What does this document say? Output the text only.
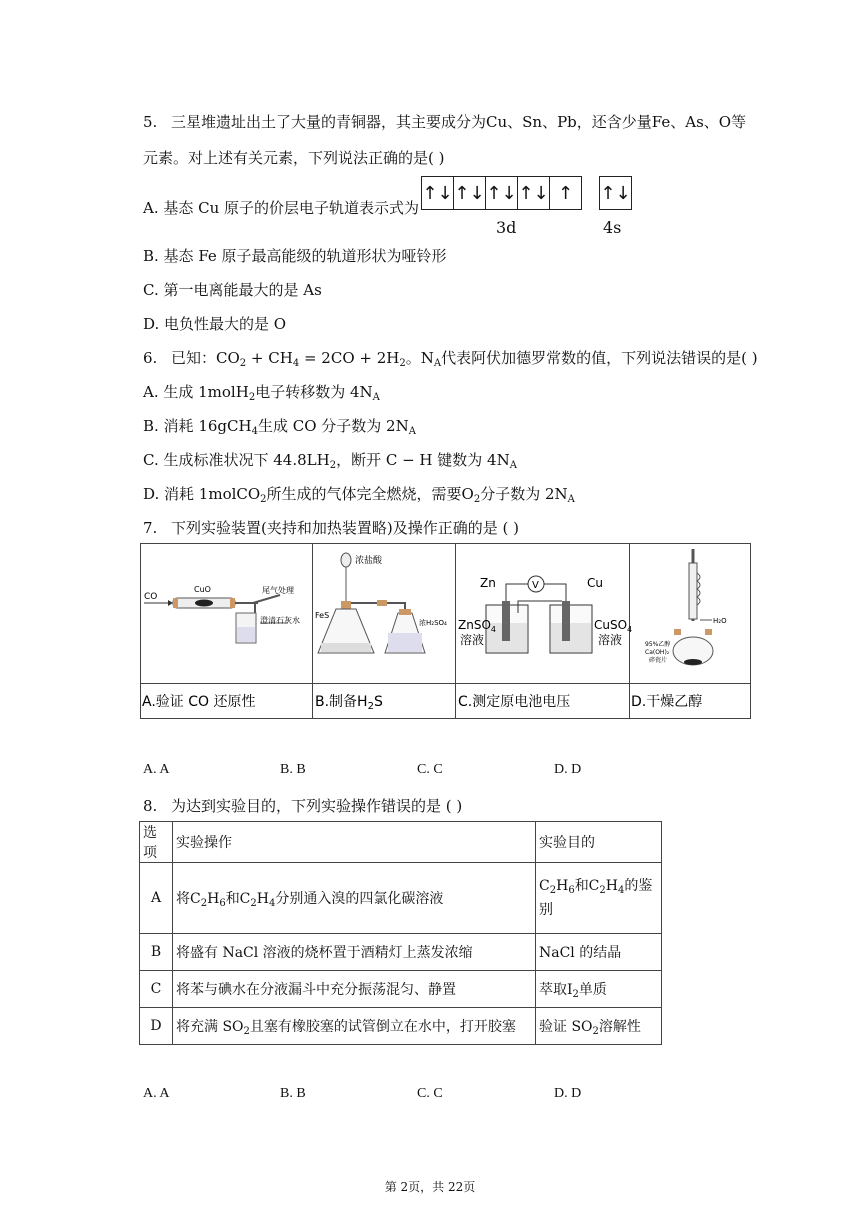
5. 三星堆遗址出土了大量的青铜器，其主要成分为Cu、Sn、Pb，还含少量Fe、As、O等
元素。对上述有关元素，下列说法正确的是( )
A. 基态 Cu 原子的价层电子轨道表示式为
↑↓ ↑↓ ↑↓ ↑↓ ↑	↑↓
3d	4s
B. 基态 Fe 原子最高能级的轨道形状为哑铃形
C. 第一电离能最大的是 As
D. 电负性最大的是 O
6. 已知：$CO_2 + CH_4 = 2CO + 2H_2$。$N_A$代表阿伏加德罗常数的值，下列说法错误的是( )
A. 生成 1molH$_2$电子转移数为 $4N_A$
B. 消耗 16gCH$_4$生成 CO 分子数为 $2N_A$
C. 生成标准状况下 $44.8LH_2$，断开 C − H 键数为 $4N_A$
D. 消耗 1molCO$_2$所生成的气体完全燃烧，需要$O_2$分子数为 $2N_A$
7. 下列实验装置(夹持和加热装置略)及操作正确的是 ( )
CO
CuO	尾气处理
澄清石灰水
浓盐酸
FeS
浓H₂SO₄
Zn	Cu
V
ZnSO$_4$
溶液
CuSO$_4$
溶液
H₂O
95%乙醇
Ca(OH)₂
碎瓷片
A.验证 CO 还原性	B.制备$H_2S$	C.测定原电池电压	D.干燥乙醇
A. A	B. B	C. C	D. D
8. 为达到实验目的，下列实验操作错误的是 ( )
选项	实验操作	实验目的
A	将$C_2H_6$和$C_2H_4$分别通入溴的四氯化碳溶液	$C_2H_6$和$C_2H_4$的鉴
别
B	将盛有 NaCl 溶液的烧杯置于酒精灯上蒸发浓缩	NaCl 的结晶
C	将苯与碘水在分液漏斗中充分振荡混匀、静置	萃取$I_2$单质
D	将充满 $SO_2$且塞有橡胶塞的试管倒立在水中，打开胶塞	验证 $SO_2$溶解性
A. A	B. B	C. C	D. D
第 2页，共 22页
